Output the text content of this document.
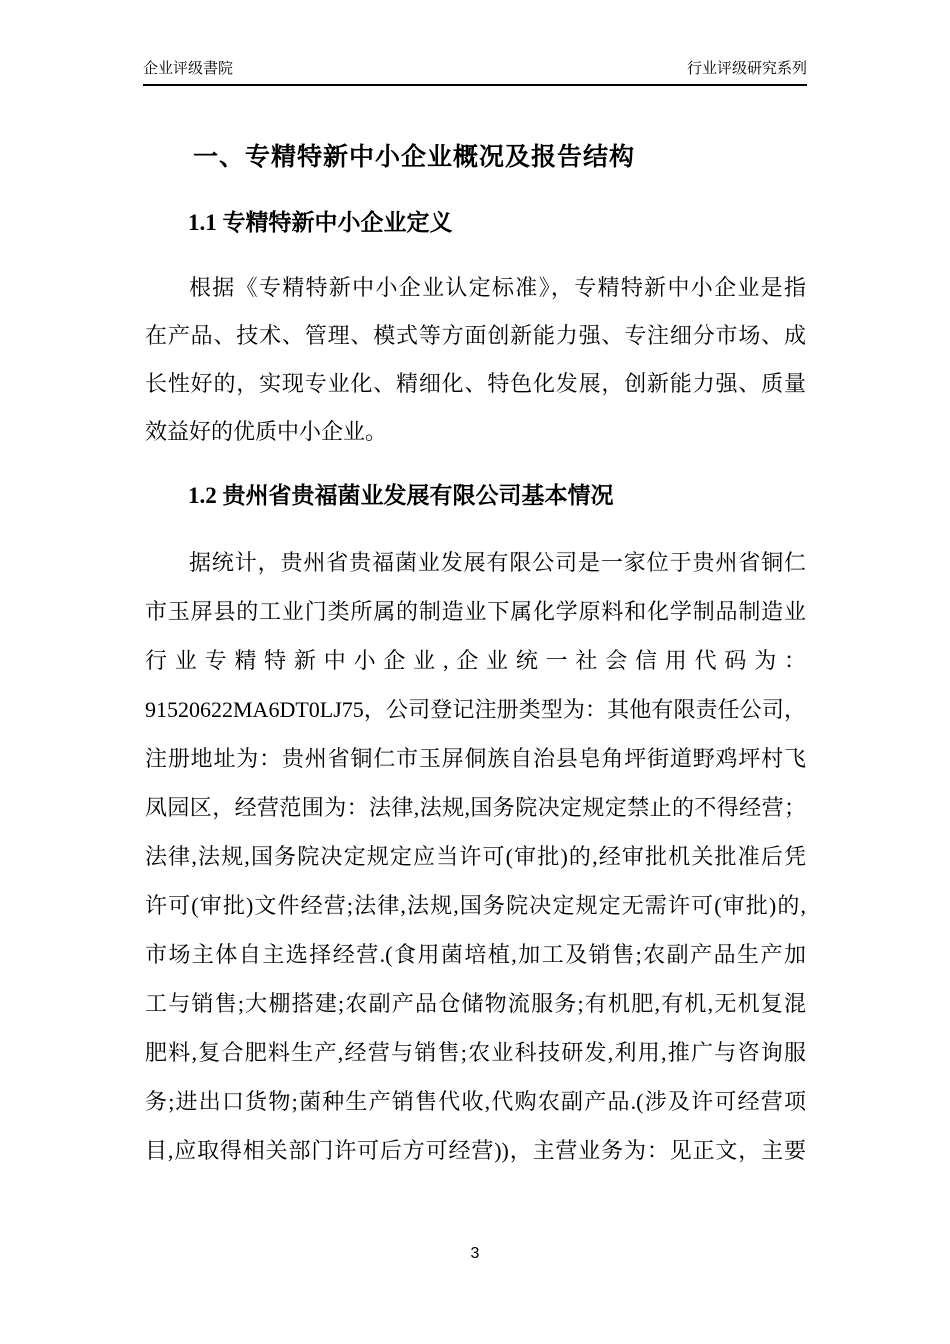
企业评级書院	行业评级研究系列
一、专精特新中小企业概况及报告结构
1.1 专精特新中小企业定义
根据《专精特新中小企业认定标准》，专精特新中小企业是指
在产品、技术、管理、模式等方面创新能力强、专注细分市场、成
长性好的，实现专业化、精细化、特色化发展，创新能力强、质量
效益好的优质中小企业。
1.2 贵州省贵福菌业发展有限公司基本情况
据统计，贵州省贵福菌业发展有限公司是一家位于贵州省铜仁
市玉屏县的工业门类所属的制造业下属化学原料和化学制品制造业
行业专精特新中小企业,企业统一社会信用代码为：
91520622MA6DT0LJ75，公司登记注册类型为：其他有限责任公司，
注册地址为：贵州省铜仁市玉屏侗族自治县皂角坪街道野鸡坪村飞
凤园区，经营范围为：法律,法规,国务院决定规定禁止的不得经营；
法律,法规,国务院决定规定应当许可(审批)的,经审批机关批准后凭
许可(审批)文件经营;法律,法规,国务院决定规定无需许可(审批)的,
市场主体自主选择经营.(食用菌培植,加工及销售;农副产品生产加
工与销售;大棚搭建;农副产品仓储物流服务;有机肥,有机,无机复混
肥料,复合肥料生产,经营与销售;农业科技研发,利用,推广与咨询服
务;进出口货物;菌种生产销售代收,代购农副产品.(涉及许可经营项
目,应取得相关部门许可后方可经营))，主营业务为：见正文，主要
3
